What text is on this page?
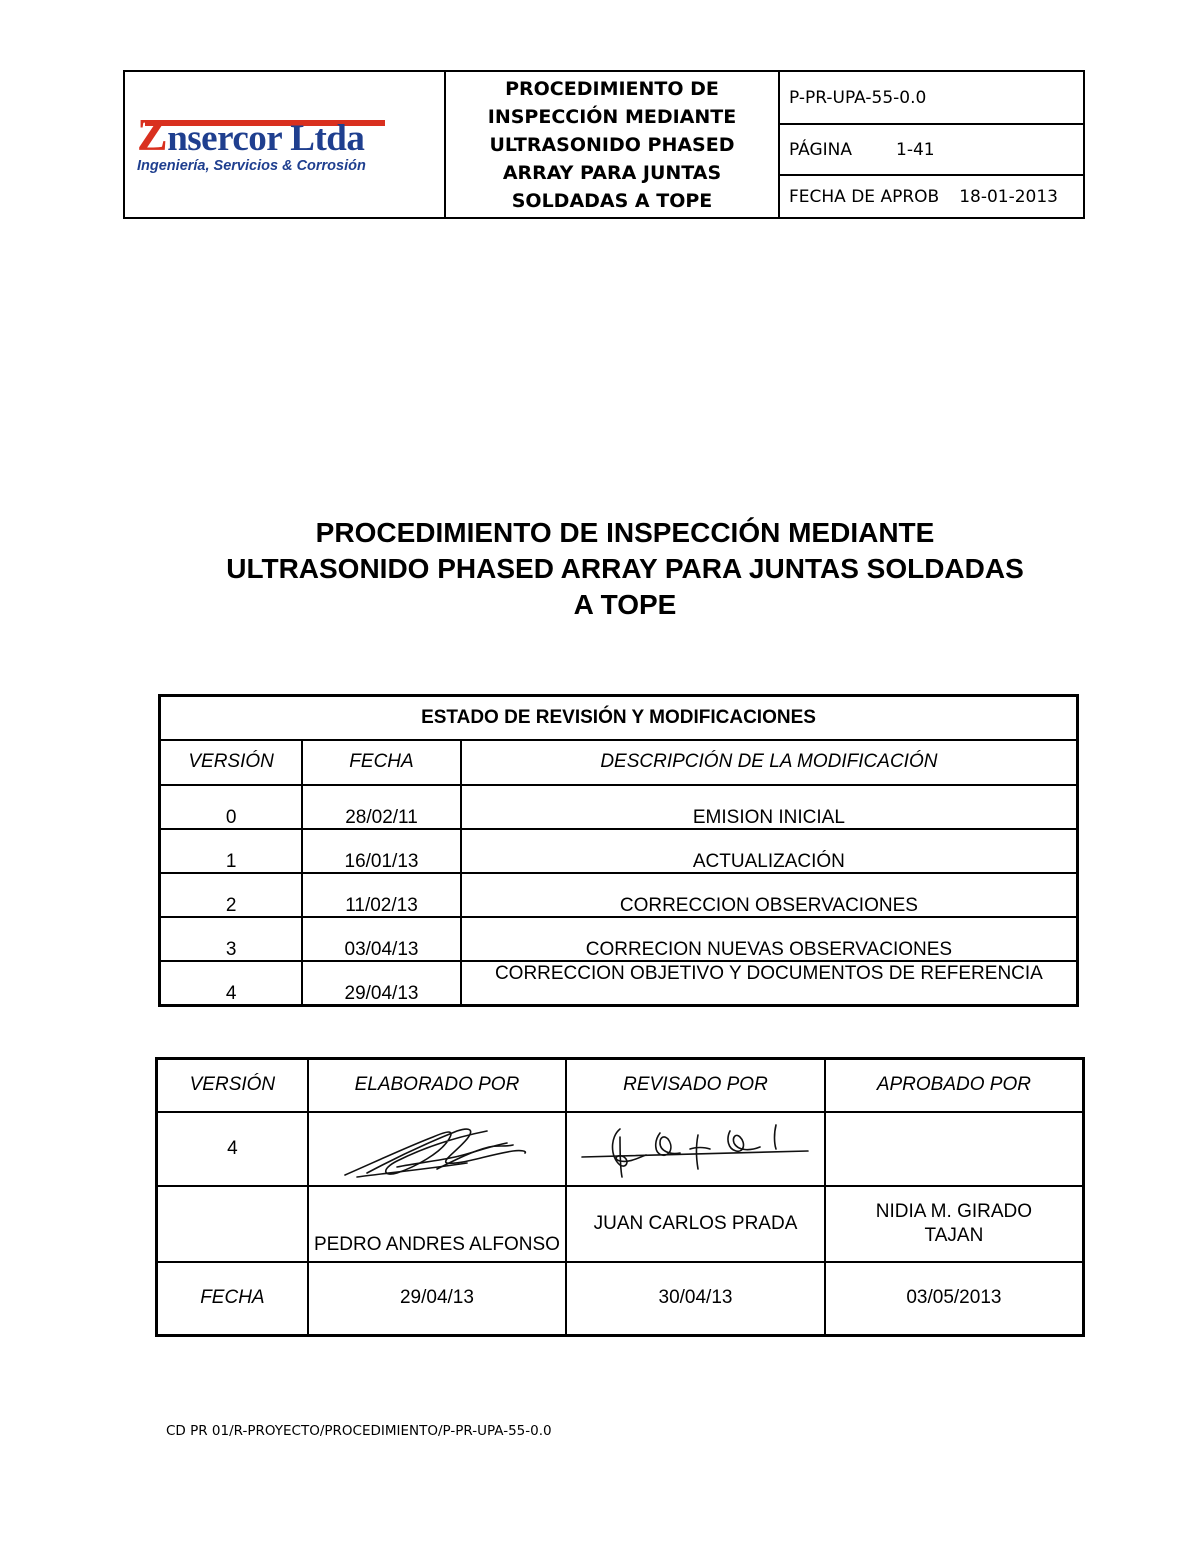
Znsercor Ltda
Ingeniería, Servicios & Corrosión
PROCEDIMIENTO DE INSPECCIÓN MEDIANTE ULTRASONIDO PHASED ARRAY PARA JUNTAS SOLDADAS A TOPE
P-PR-UPA-55-0.0
PÁGINA	1-41
FECHA DE APROB 18-01-2013
PROCEDIMIENTO DE INSPECCIÓN MEDIANTE
ULTRASONIDO PHASED ARRAY PARA JUNTAS SOLDADAS
A TOPE
ESTADO DE REVISIÓN Y MODIFICACIONES		
VERSIÓN	FECHA	DESCRIPCIÓN DE LA MODIFICACIÓN
0	28/02/11	EMISION INICIAL
1	16/01/13	ACTUALIZACIÓN
2	11/02/13	CORRECCION OBSERVACIONES
3	03/04/13	CORRECION NUEVAS OBSERVACIONES
4	29/04/13	CORRECCION OBJETIVO Y DOCUMENTOS DE REFERENCIA
VERSIÓN	ELABORADO POR	REVISADO POR	APROBADO POR
4	

	PEDRO ANDRES ALFONSO	JUAN CARLOS PRADA	NIDIA M. GIRADO TAJAN
FECHA	29/04/13	30/04/13	03/05/2013
CD PR 01/R-PROYECTO/PROCEDIMIENTO/P-PR-UPA-55-0.0
